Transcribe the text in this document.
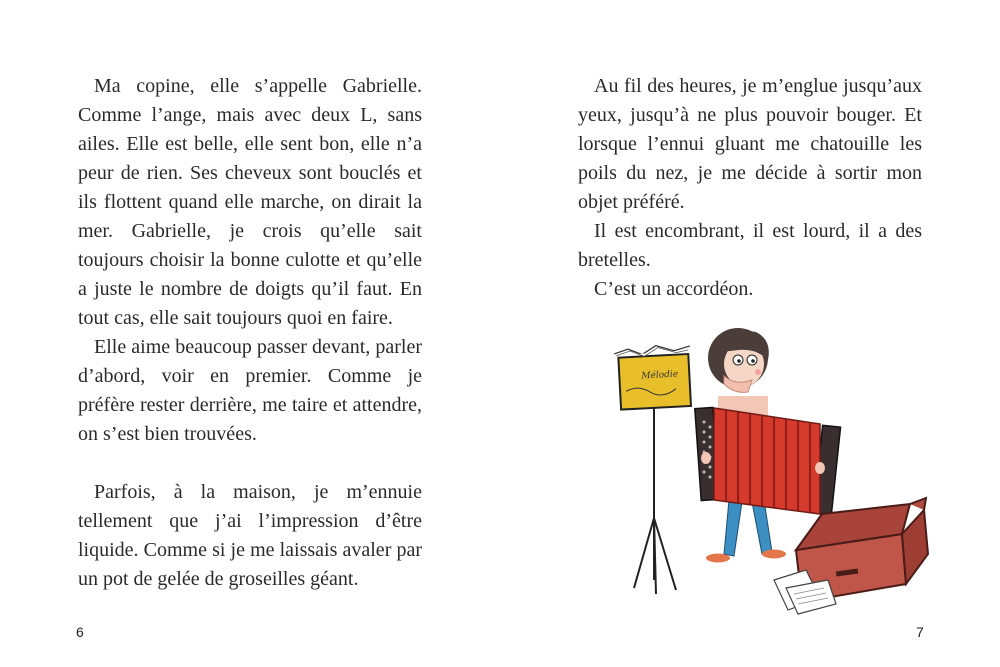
Ma copine, elle s’appelle Gabrielle. Comme l’ange, mais avec deux L, sans ailes. Elle est belle, elle sent bon, elle n’a peur de rien. Ses cheveux sont bouclés et ils flottent quand elle marche, on dirait la mer. Gabrielle, je crois qu’elle sait toujours choisir la bonne culotte et qu’elle a juste le nombre de doigts qu’il faut. En tout cas, elle sait toujours quoi en faire.

Elle aime beaucoup passer devant, parler d’abord, voir en premier. Comme je préfère rester derrière, me taire et attendre, on s’est bien trouvées.

Parfois, à la maison, je m’ennuie tellement que j’ai l’impression d’être liquide. Comme si je me laissais avaler par un pot de gelée de groseilles géant.

6

Au fil des heures, je m’englue jusqu’aux yeux, jusqu’à ne plus pouvoir bouger. Et lorsque l’ennui gluant me chatouille les poils du nez, je me décide à sortir mon objet préféré.

Il est encombrant, il est lourd, il a des bretelles.

C’est un accordéon.

Mélodie
7
